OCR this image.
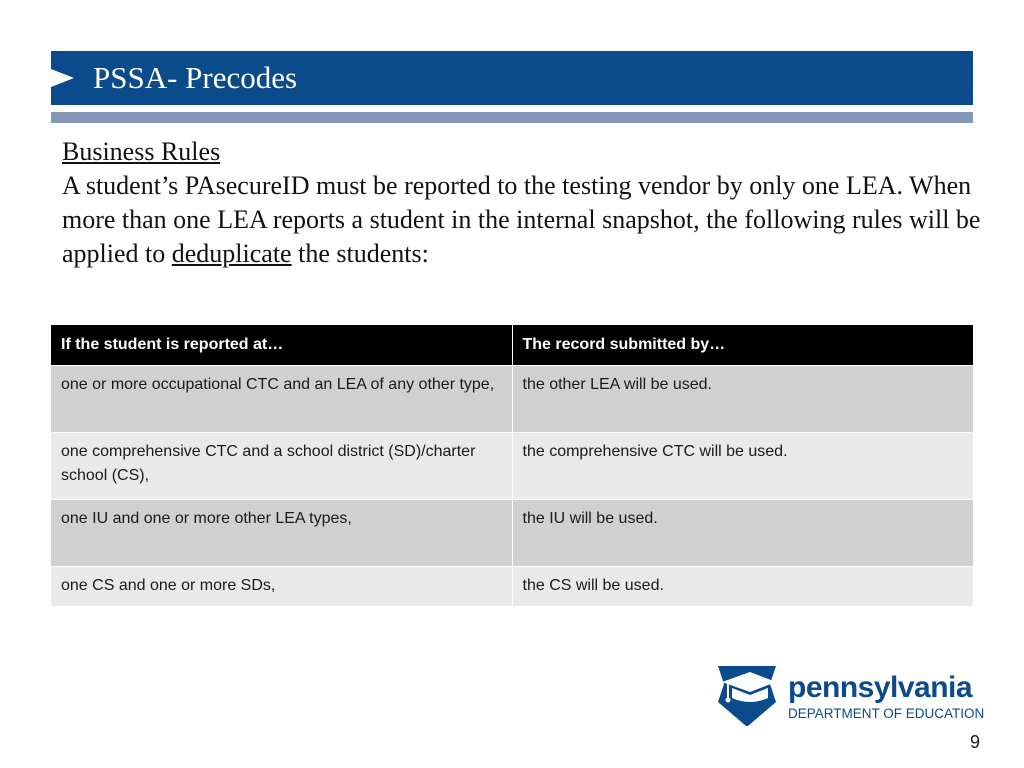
PSSA- Precodes
Business Rules
A student’s PAsecureID must be reported to the testing vendor by only one LEA. When more than one LEA reports a student in the internal snapshot, the following rules will be applied to deduplicate the students:
If the student is reported at…	The record submitted by…
one or more occupational CTC and an LEA of any other type,	the other LEA will be used.
one comprehensive CTC and a school district (SD)/charter school (CS),	the comprehensive CTC will be used.
one IU and one or more other LEA types,	the IU will be used.
one CS and one or more SDs,	the CS will be used.
pennsylvania
DEPARTMENT OF EDUCATION
9
